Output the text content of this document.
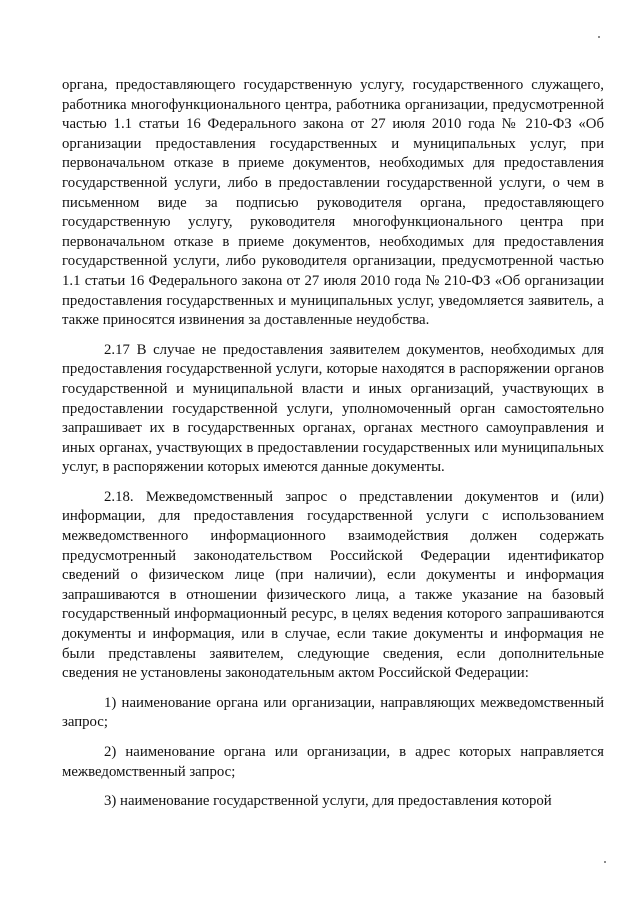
органа, предоставляющего государственную услугу, государственного служащего, работника многофункционального центра, работника организации, предусмотренной частью 1.1 статьи 16 Федерального закона от 27 июля 2010 года № 210-ФЗ «Об организации предоставления государственных и муниципальных услуг, при первоначальном отказе в приеме документов, необходимых для предоставления государственной услуги, либо в предоставлении государственной услуги, о чем в письменном виде за подписью руководителя органа, предоставляющего государственную услугу, руководителя многофункционального центра при первоначальном отказе в приеме документов, необходимых для предоставления государственной услуги, либо руководителя организации, предусмотренной частью 1.1 статьи 16 Федерального закона от 27 июля 2010 года № 210-ФЗ «Об организации предоставления государственных и муниципальных услуг, уведомляется заявитель, а также приносятся извинения за доставленные неудобства.

2.17 В случае не предоставления заявителем документов, необходимых для предоставления государственной услуги, которые находятся в распоряжении органов государственной и муниципальной власти и иных организаций, участвующих в предоставлении государственной услуги, уполномоченный орган самостоятельно запрашивает их в государственных органах, органах местного самоуправления и иных органах, участвующих в предоставлении государственных или муниципальных услуг, в распоряжении которых имеются данные документы.

2.18. Межведомственный запрос о представлении документов и (или) информации, для предоставления государственной услуги с использованием межведомственного информационного взаимодействия должен содержать предусмотренный законодательством Российской Федерации идентификатор сведений о физическом лице (при наличии), если документы и информация запрашиваются в отношении физического лица, а также указание на базовый государственный информационный ресурс, в целях ведения которого запрашиваются документы и информация, или в случае, если такие документы и информация не были представлены заявителем, следующие сведения, если дополнительные сведения не установлены законодательным актом Российской Федерации:

1) наименование органа или организации, направляющих межведомственный запрос;

2) наименование органа или организации, в адрес которых направляется межведомственный запрос;

3) наименование государственной услуги, для предоставления которой
